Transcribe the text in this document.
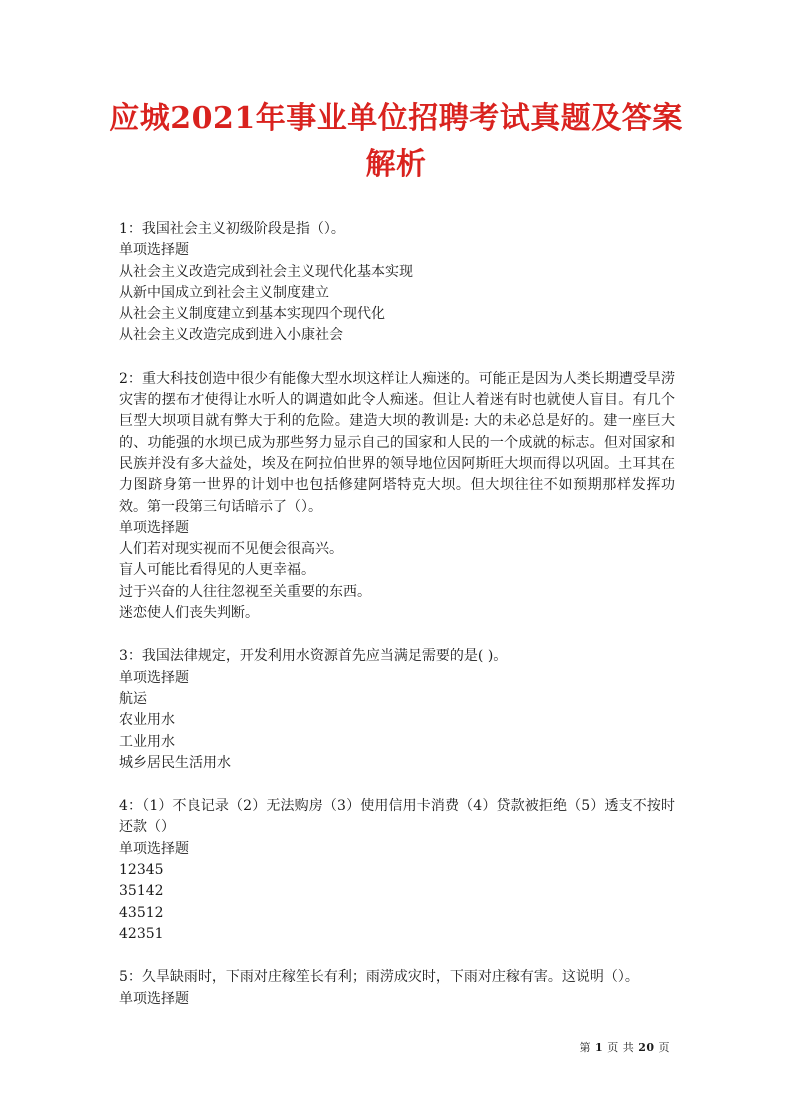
应城2021年事业单位招聘考试真题及答案解析
1：我国社会主义初级阶段是指（）。
单项选择题
从社会主义改造完成到社会主义现代化基本实现
从新中国成立到社会主义制度建立
从社会主义制度建立到基本实现四个现代化
从社会主义改造完成到进入小康社会
2：重大科技创造中很少有能像大型水坝这样让人痴迷的。可能正是因为人类长期遭受旱涝灾害的摆布才使得让水听人的调遣如此令人痴迷。但让人着迷有时也就使人盲目。有几个巨型大坝项目就有弊大于利的危险。建造大坝的教训是: 大的未必总是好的。建一座巨大的、功能强的水坝已成为那些努力显示自己的国家和人民的一个成就的标志。但对国家和民族并没有多大益处，埃及在阿拉伯世界的领导地位因阿斯旺大坝而得以巩固。土耳其在力图跻身第一世界的计划中也包括修建阿塔特克大坝。但大坝往往不如预期那样发挥功效。第一段第三句话暗示了（）。
单项选择题
人们若对现实视而不见便会很高兴。
盲人可能比看得见的人更幸福。
过于兴奋的人往往忽视至关重要的东西。
迷恋使人们丧失判断。
3：我国法律规定，开发利用水资源首先应当满足需要的是( )。
单项选择题
航运
农业用水
工业用水
城乡居民生活用水
4：（1）不良记录（2）无法购房（3）使用信用卡消费（4）贷款被拒绝（5）透支不按时还款（）
单项选择题
12345
35142
43512
42351
5：久旱缺雨时，下雨对庄稼笙长有利；雨涝成灾时，下雨对庄稼有害。这说明（）。
单项选择题
第 1 页 共 20 页
